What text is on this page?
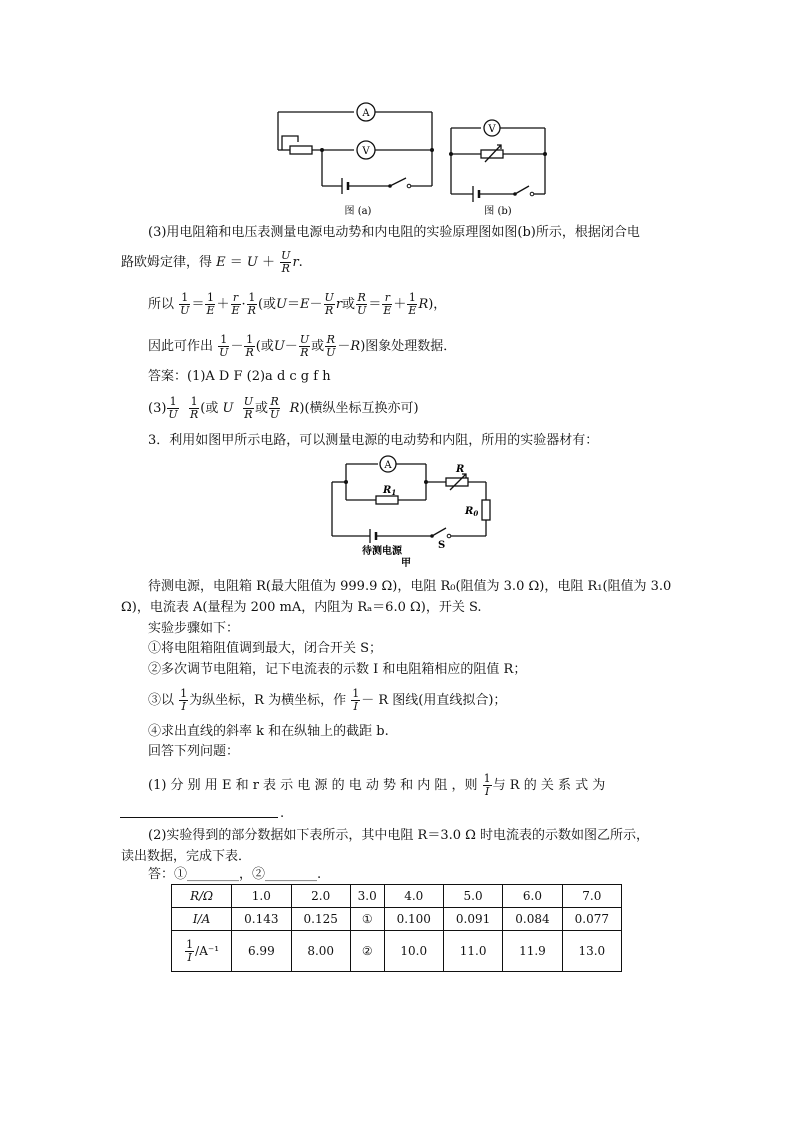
A
V
图 (a)
V
图 (b)
(3)用电阻箱和电压表测量电源电动势和内电阻的实验原理图如图(b)所示，根据闭合电
路欧姆定律，得 $E = U + \frac{U}{R} r$.
所以 $\frac{1}{U} = \frac{1}{E} + \frac{r}{E} \cdot \frac{1}{R}$ (或$U=E- \frac{U}{R}$ r或 $\frac{R}{U} = \frac{r}{E} + \frac{1}{E} R$)，
因此可作出 $\frac{1}{U} - \frac{1}{R}$ (或$U- \frac{U}{R}$ 或 $\frac{R}{U} -R$)图象处理数据．
答案：(1)A D F (2)a d c g f h
$(3) \frac{1}{U}$
$\frac{1}{R}$ (或 U $\frac{U}{R}$ 或 $\frac{R}{U} R$)(横纵坐标互换亦可)
3．利用如图甲所示电路，可以测量电源的电动势和内阻，所用的实验器材有：
A
$R_1$
R
$R_0$
待测电源
S
甲
待测电源，电阻箱 R(最大阻值为 999.9 Ω)，电阻 R₀(阻值为 3.0 Ω)，电阻 R₁(阻值为 3.0
Ω)，电流表 A(量程为 200 mA，内阻为 Rₐ＝6.0 Ω)，开关 S.
实验步骤如下：
①将电阻箱阻值调到最大，闭合开关 S；
②多次调节电阻箱，记下电流表的示数 I 和电阻箱相应的阻值 R；
③以 $\frac{1}{I}$ 为纵坐标，R 为横坐标，作 $\frac{1}{I} - R$ 图线(用直线拟合)；
④求出直线的斜率 k 和在纵轴上的截距 b.
回答下列问题：
(1) 分 别 用 E 和 r 表 示 电 源 的 电 动 势 和 内 阻 ，则 $\frac{1}{I}$ 与 R 的 关 系 式 为
.
(2)实验得到的部分数据如下表所示，其中电阻 R＝3.0 Ω 时电流表的示数如图乙所示，
读出数据，完成下表．
答：①________，②________.
R/Ω	1.0	2.0	3.0	4.0	5.0	6.0	7.0
I/A	0.143	0.125	①	0.100	0.091	0.084	0.077

$\frac{1}{I} /A^{-1}$	6.99	8.00	②	10.0	11.0	11.9	13.0
